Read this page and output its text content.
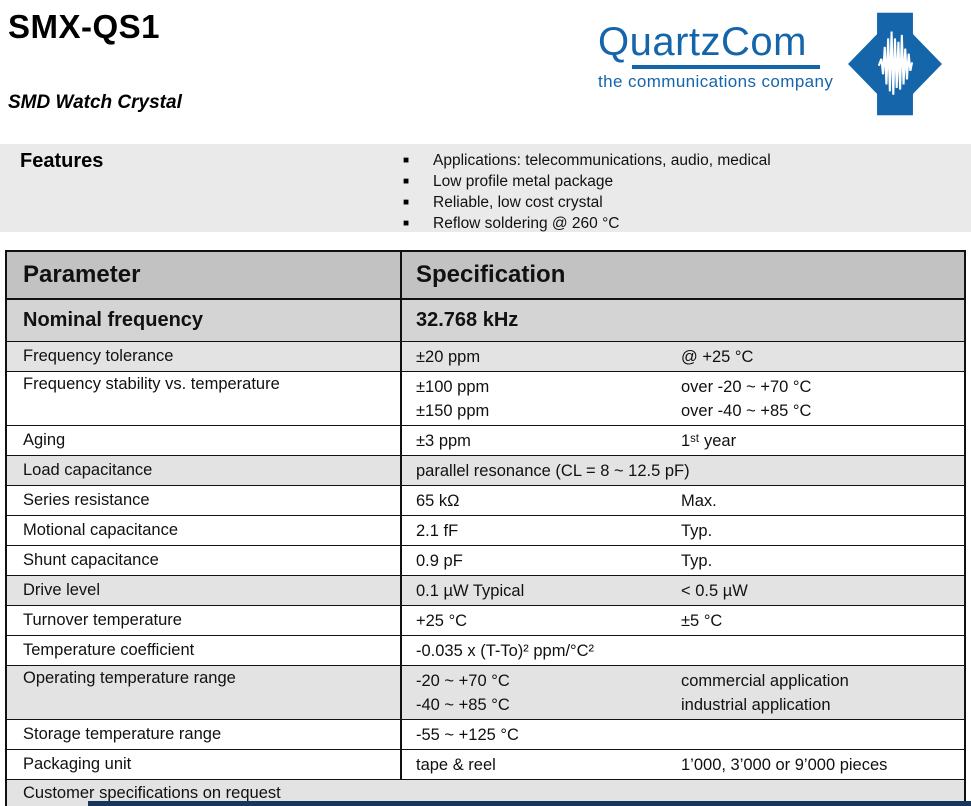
SMX-QS1
SMD Watch Crystal
QuartzCom
the communications company
Features	■	Applications: telecommunications, audio, medical
■	Low profile metal package
■	Reliable, low cost crystal
■	Reflow soldering @ 260 °C
Parameter	Specification
Nominal frequency	32.768 kHz
Frequency tolerance	±20 ppm	@ +25 °C
Frequency stability vs. temperature	±100 ppm	over -20 ~ +70 °C
±150 ppm	over -40 ~ +85 °C
Aging	±3 ppm	1ˢᵗ year
Load capacitance	parallel resonance (CL = 8 ~ 12.5 pF)
Series resistance	65 kΩ	Max.
Motional capacitance	2.1 fF	Typ.
Shunt capacitance	0.9 pF	Typ.
Drive level	0.1 µW Typical	< 0.5 µW
Turnover temperature	+25 °C	±5 °C
Temperature coefficient	-0.035 x (T-To)² ppm/°C²
Operating temperature range	-20 ~ +70 °C	commercial application
-40 ~ +85 °C	industrial application
Storage temperature range	-55 ~ +125 °C
Packaging unit	tape & reel	1’000, 3’000 or 9’000 pieces
Customer specifications on request
